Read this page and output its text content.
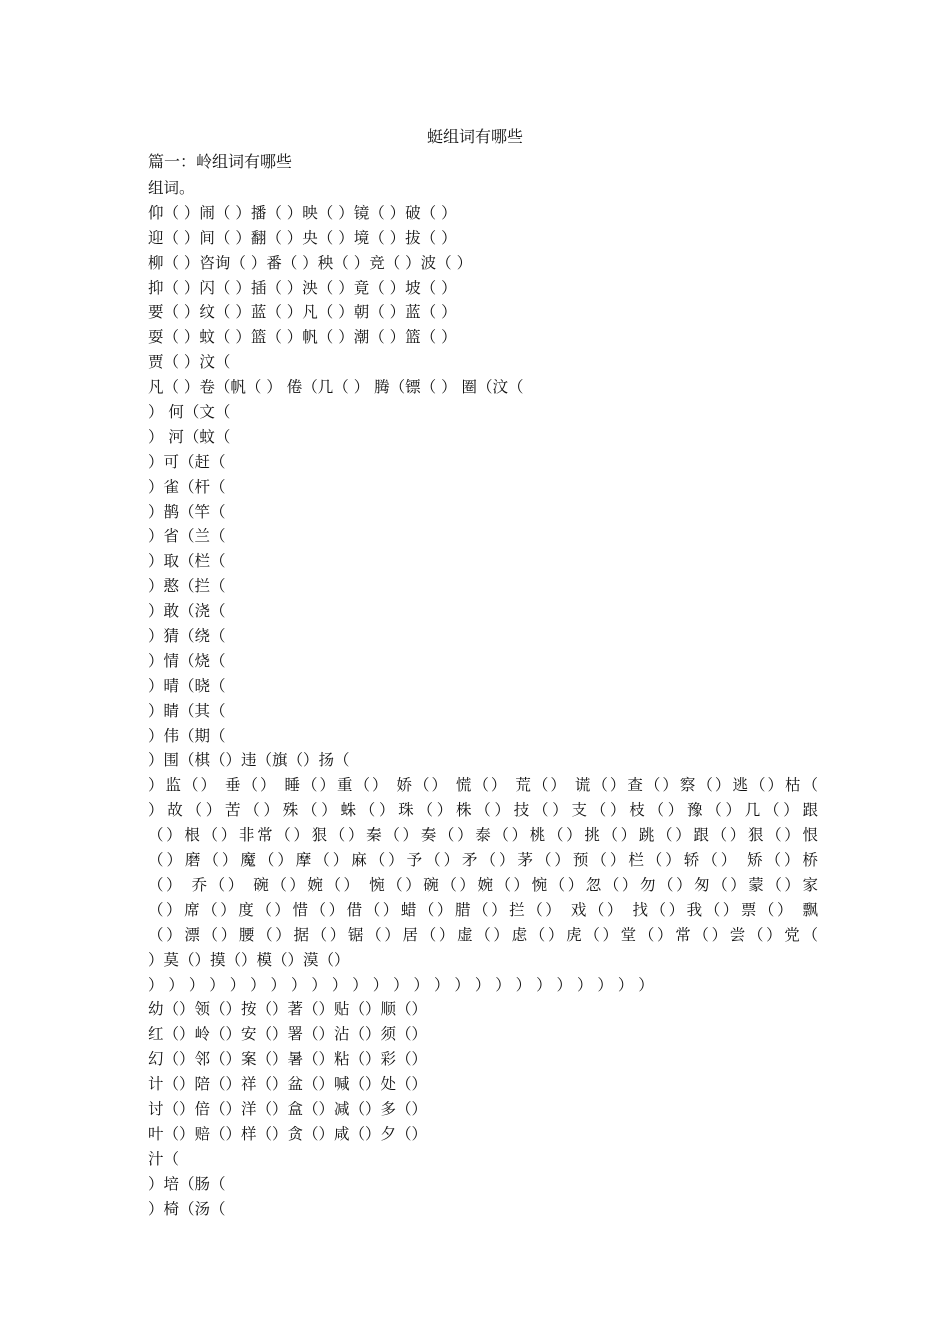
蜓组词有哪些
篇一：岭组词有哪些
组词。
仰（ ）闹（ ）播（ ）映（ ）镜（ ）破（ ）
迎（ ）间（ ）翻（ ）央（ ）境（ ）拔（ ）
柳（ ）咨询（ ）番（ ）秧（ ）竞（ ）波（ ）
抑（ ）闪（ ）插（ ）泱（ ）竟（ ）坡（ ）
要（ ）纹（ ）蓝（ ）凡（ ）朝（ ）蓝（ ）
耍（ ）蚊（ ）篮（ ）帆（ ）潮（ ）篮（ ）
贾（ ）汶（
凡（ ）卷（帆（ ） 倦（几（ ） 腾（镖（ ） 圈（汶（
） 何（文（
） 河（蚊（
）可（赶（
）雀（杆（
）鹊（竿（
）省（兰（
）取（栏（
）憨（拦（
）敢（浇（
）猜（绕（
）情（烧（
）晴（晓（
）睛（其（
）伟（期（
）围（棋（）违（旗（）扬（
）监（） 垂（） 睡（）重（） 娇（） 慌（） 荒（） 谎（）查（）察（）逃（）枯（
）故（）苦（）殊（）蛛（）珠（）株（）技（）支（）枝（）豫（）几（）跟
（）根（）非常（）狠（）秦（）奏（）泰（）桃（）挑（）跳（）跟（）狠（）恨
（）磨（）魔（）摩（）麻（）予（）矛（）茅（）预（）栏（）轿（） 矫（）桥
（） 乔（） 碗（）婉（） 惋（）碗（）婉（）惋（）忽（）勿（）匆（）蒙（）家
（）席（）度（）惜（）借（）蜡（）腊（）拦（） 戏（） 找（）我（）票（） 飘
（）漂（）腰（）据（）锯（）居（）虚（）虑（）虎（）堂（）常（）尝（）党（
）莫（）摸（）模（）漠（）
） ） ） ） ） ） ） ） ） ） ） ） ） ） ） ） ） ） ） ） ） ） ） ） ）
幼（）领（）按（）著（）贴（）顺（）
红（）岭（）安（）署（）沾（）须（）
幻（）邻（）案（）暑（）粘（）彩（）
计（）陪（）祥（）盆（）喊（）处（）
讨（）倍（）洋（）盒（）减（）多（）
叶（）赔（）样（）贪（）咸（）夕（）
汁（
）培（肠（
）椅（汤（
